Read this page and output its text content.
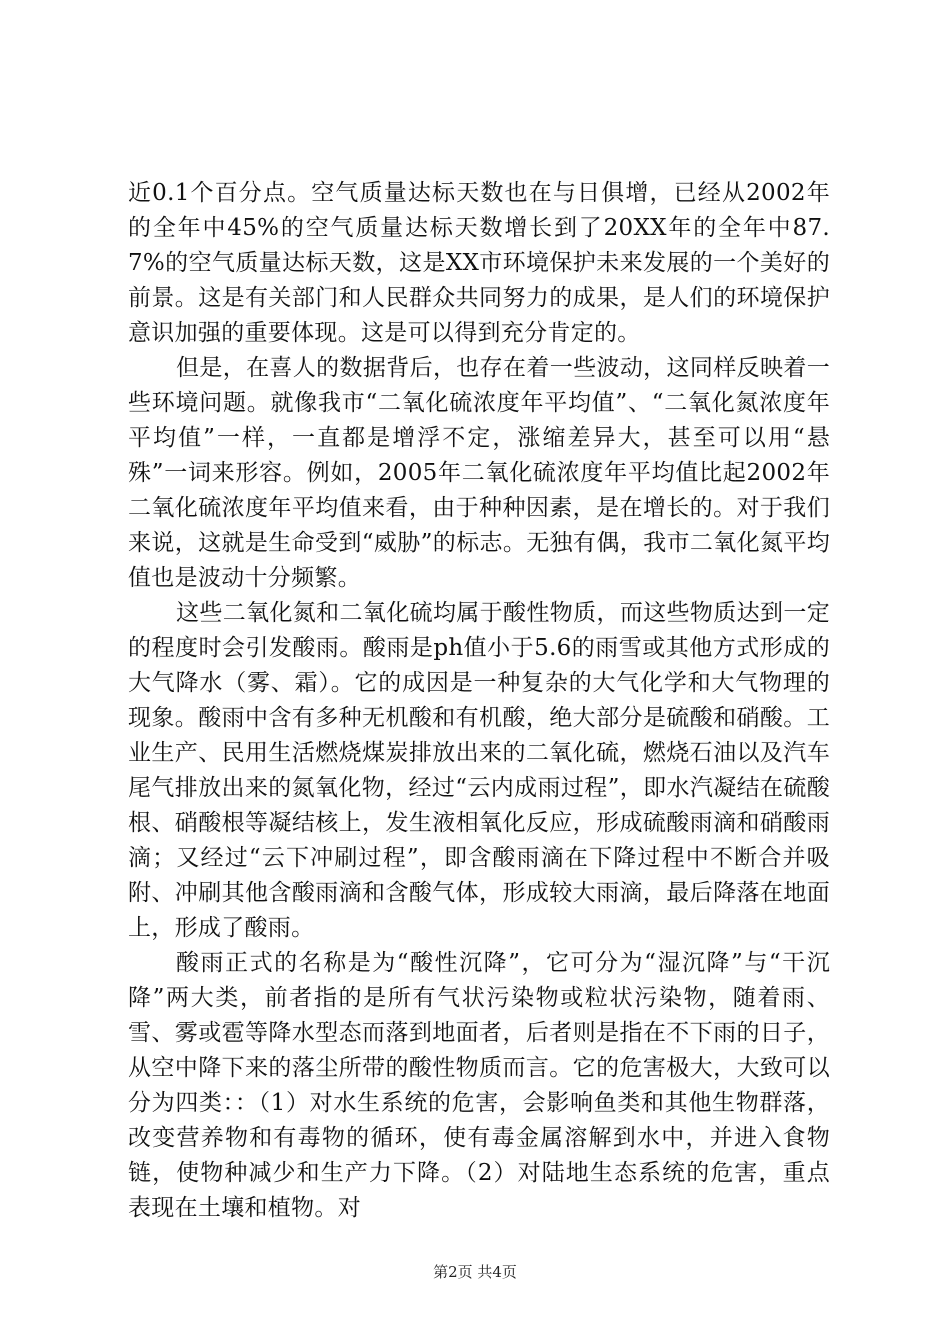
近0.1个百分点。空气质量达标天数也在与日俱增，已经从2002年的全年中45%的空气质量达标天数增长到了20XX年的全年中87.7%的空气质量达标天数，这是XX市环境保护未来发展的一个美好的前景。这是有关部门和人民群众共同努力的成果，是人们的环境保护意识加强的重要体现。这是可以得到充分肯定的。

但是，在喜人的数据背后，也存在着一些波动，这同样反映着一些环境问题。就像我市“二氧化硫浓度年平均值”、“二氧化氮浓度年平均值”一样，一直都是增浮不定，涨缩差异大，甚至可以用“悬殊”一词来形容。例如，2005年二氧化硫浓度年平均值比起2002年二氧化硫浓度年平均值来看，由于种种因素，是在增长的。对于我们来说，这就是生命受到“威胁”的标志。无独有偶，我市二氧化氮平均值也是波动十分频繁。

这些二氧化氮和二氧化硫均属于酸性物质，而这些物质达到一定的程度时会引发酸雨。酸雨是ph值小于5.6的雨雪或其他方式形成的大气降水（雾、霜）。它的成因是一种复杂的大气化学和大气物理的现象。酸雨中含有多种无机酸和有机酸，绝大部分是硫酸和硝酸。工业生产、民用生活燃烧煤炭排放出来的二氧化硫，燃烧石油以及汽车尾气排放出来的氮氧化物，经过“云内成雨过程”，即水汽凝结在硫酸根、硝酸根等凝结核上，发生液相氧化反应，形成硫酸雨滴和硝酸雨滴；又经过“云下冲刷过程”，即含酸雨滴在下降过程中不断合并吸附、冲刷其他含酸雨滴和含酸气体，形成较大雨滴，最后降落在地面上，形成了酸雨。

酸雨正式的名称是为“酸性沉降”，它可分为“湿沉降”与“干沉降”两大类，前者指的是所有气状污染物或粒状污染物，随着雨、雪、雾或雹等降水型态而落到地面者，后者则是指在不下雨的日子，从空中降下来的落尘所带的酸性物质而言。它的危害极大，大致可以分为四类：：（1）对水生系统的危害，会影响鱼类和其他生物群落，改变营养物和有毒物的循环，使有毒金属溶解到水中，并进入食物链，使物种减少和生产力下降。（2）对陆地生态系统的危害，重点表现在土壤和植物。对

第2页 共4页
